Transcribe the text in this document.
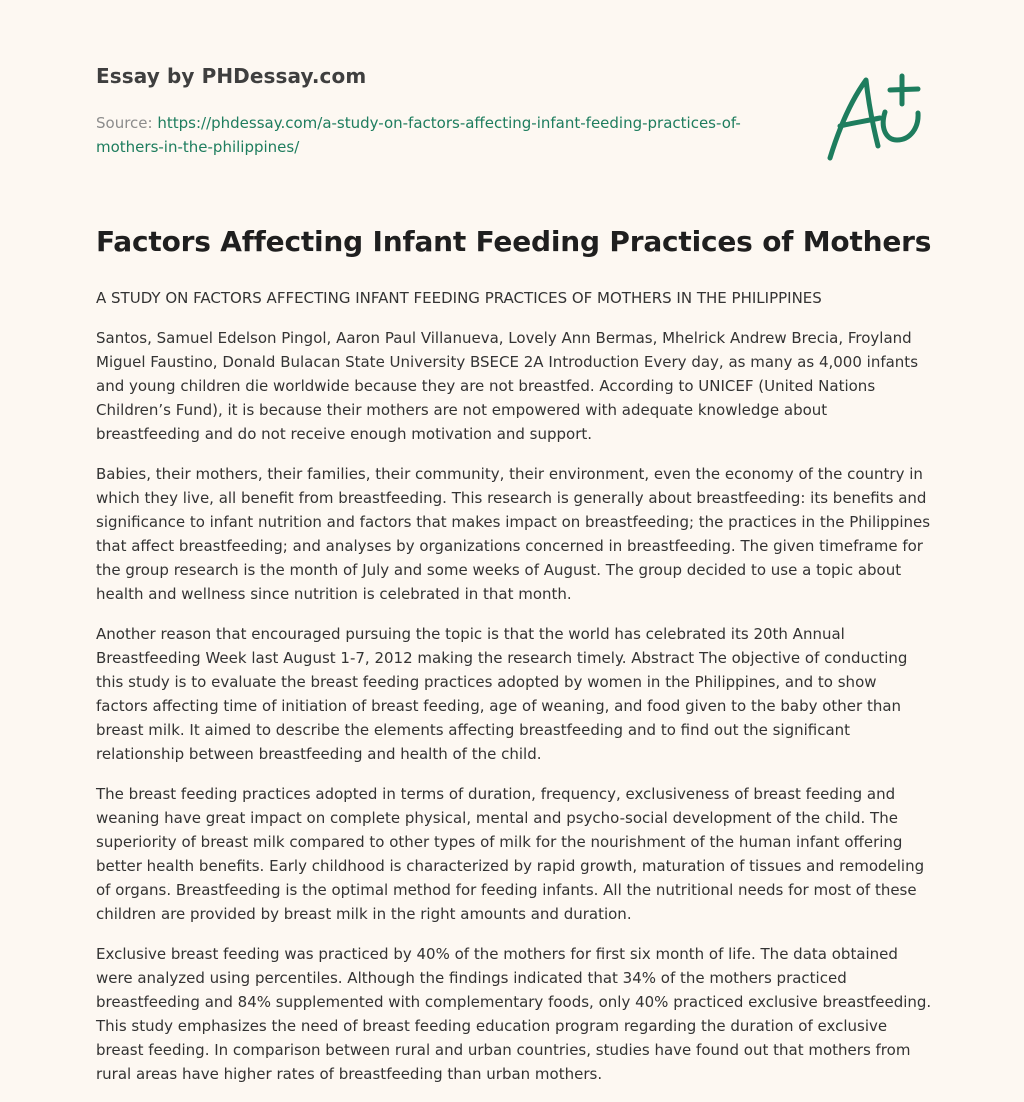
Essay by PHDessay.com
Source: https://phdessay.com/a-study-on-factors-affecting-infant-feeding-practices-of-mothers-in-the-philippines/
Factors Affecting Infant Feeding Practices of Mothers

A STUDY ON FACTORS AFFECTING INFANT FEEDING PRACTICES OF MOTHERS IN THE PHILIPPINES

Santos, Samuel Edelson Pingol, Aaron Paul Villanueva, Lovely Ann Bermas, Mhelrick Andrew Brecia, Froyland Miguel Faustino, Donald Bulacan State University BSECE 2A Introduction Every day, as many as 4,000 infants and young children die worldwide because they are not breastfed. According to UNICEF (United Nations Children’s Fund), it is because their mothers are not empowered with adequate knowledge about breastfeeding and do not receive enough motivation and support.

Babies, their mothers, their families, their community, their environment, even the economy of the country in which they live, all benefit from breastfeeding. This research is generally about breastfeeding: its benefits and significance to infant nutrition and factors that makes impact on breastfeeding; the practices in the Philippines that affect breastfeeding; and analyses by organizations concerned in breastfeeding. The given timeframe for the group research is the month of July and some weeks of August. The group decided to use a topic about health and wellness since nutrition is celebrated in that month.

Another reason that encouraged pursuing the topic is that the world has celebrated its 20th Annual Breastfeeding Week last August 1-7, 2012 making the research timely. Abstract The objective of conducting this study is to evaluate the breast feeding practices adopted by women in the Philippines, and to show factors affecting time of initiation of breast feeding, age of weaning, and food given to the baby other than breast milk. It aimed to describe the elements affecting breastfeeding and to find out the significant relationship between breastfeeding and health of the child.

The breast feeding practices adopted in terms of duration, frequency, exclusiveness of breast feeding and weaning have great impact on complete physical, mental and psycho-social development of the child. The superiority of breast milk compared to other types of milk for the nourishment of the human infant offering better health benefits. Early childhood is characterized by rapid growth, maturation of tissues and remodeling of organs. Breastfeeding is the optimal method for feeding infants. All the nutritional needs for most of these children are provided by breast milk in the right amounts and duration.

Exclusive breast feeding was practiced by 40% of the mothers for first six month of life. The data obtained were analyzed using percentiles. Although the findings indicated that 34% of the mothers practiced breastfeeding and 84% supplemented with complementary foods, only 40% practiced exclusive breastfeeding. This study emphasizes the need of breast feeding education program regarding the duration of exclusive breast feeding. In comparison between rural and urban countries, studies have found out that mothers from rural areas have higher rates of breastfeeding than urban mothers.
